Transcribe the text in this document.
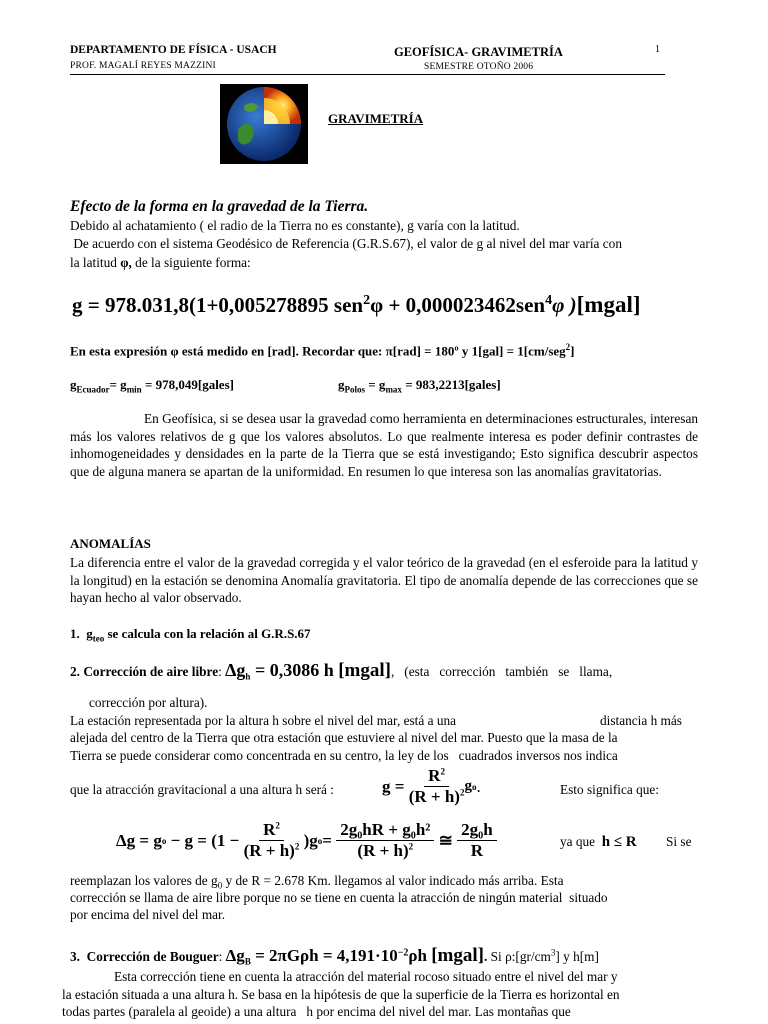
DEPARTAMENTO DE FÍSICA - USACH
PROF. MAGALÍ REYES MAZZINI
GEOFÍSICA- GRAVIMETRÍA
SEMESTRE OTOÑO 2006
1
GRAVIMETRÍA
Efecto de la forma en la gravedad de la Tierra.
Debido al achatamiento ( el radio de la Tierra no es constante), g varía con la latitud.
De acuerdo con el sistema Geodésico de Referencia (G.R.S.67), el valor de g al nivel del mar varía con
la latitud φ, de la siguiente forma:
g = 978.031,8(1+0,005278895 sen$^2$φ + 0,000023462sen$^4$φ )[mgal]
En esta expresión φ está medido en [rad]. Recordar que: π[rad] = 180º y 1[gal] = 1[cm/seg$^2$]
$g_{Ecuador}= g_{min}$ = 978,049[gales]	$g_{Polos} = g_{max}$ = 983,2213[gales]
En Geofísica, si se desea usar la gravedad como herramienta en determinaciones estructurales, interesan más los valores relativos de g que los valores absolutos. Lo que realmente interesa es poder definir contrastes de inhomogeneidades y densidades en la parte de la Tierra que se está investigando; Esto significa descubrir aspectos que de alguna manera se apartan de la uniformidad. En resumen lo que interesa son las anomalías gravitatorias.
ANOMALÍAS
La diferencia entre el valor de la gravedad corregida y el valor teórico de la gravedad (en el esferoide para la latitud y la longitud) en la estación se denomina Anomalía gravitatoria. El tipo de anomalía depende de las correcciones que se hayan hecho al valor observado.
1. $g_{teo}$ se calcula con la relación al G.R.S.67
2. Corrección de aire libre: $\Delta g_h = 0,3086$ h [mgal],   (esta   corrección   también   se   llama,
corrección por altura).
La estación representada por la altura h sobre el nivel del mar, está a una	distancia h más
alejada del centro de la Tierra que otra estación que estuviere al nivel del mar. Puesto que la masa de la
Tierra se puede considerar como concentrada en su centro, la ley de los   cuadrados inversos nos indica
que la atracción gravitacional a una altura h será :	g =
$\frac{R^2}{(R + h)^2}$ g o .	Esto significa que:
Δg = g o − g = (1 −
$\frac{R^2}{(R + h)^2}$
)g o =
$\frac{\text{2g₀hR + g₀h²}}{(R + h)^2}$
≅
$\frac{\text{2g₀h}}{R}$	ya que h ≤ R Si se
reemplazan los valores de $g_0$ y de R = 2.678 Km. llegamos al valor indicado más arriba. Esta
corrección se llama de aire libre porque no se tiene en cuenta la atracción de ningún material  situado
por encima del nivel del mar.
3. Corrección de Bouguer: $\Delta g_B = 2\pi G\rho h = 4,191\cdot 10^{-2}\rho h$ [mgal]. Si $\rho:[gr/cm^3]$ y h[m]
Esta corrección tiene en cuenta la atracción del material rocoso situado entre el nivel del mar y
la estación situada a una altura h. Se basa en la hipótesis de que la superficie de la Tierra es horizontal en
todas partes (paralela al geoide) a una altura   h por encima del nivel del mar. Las montañas que
